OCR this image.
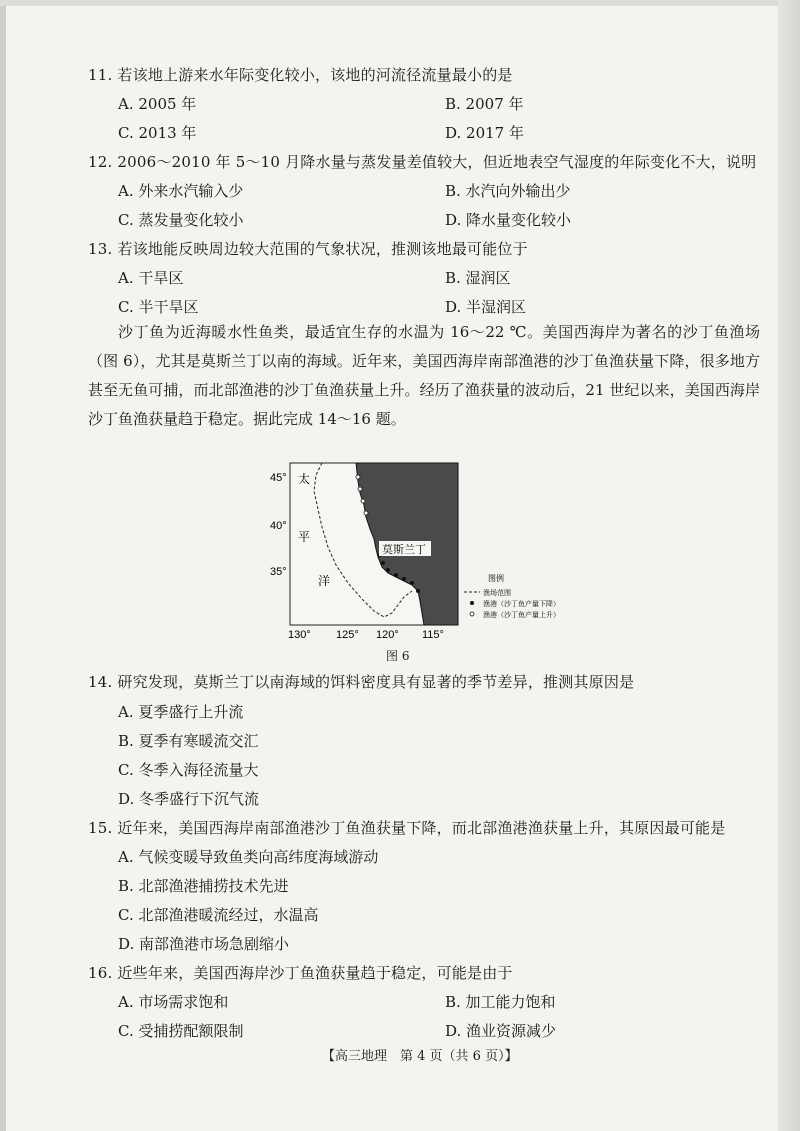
11. 若该地上游来水年际变化较小，该地的河流径流量最小的是
A. 2005 年	B. 2007 年
C. 2013 年	D. 2017 年
12. 2006～2010 年 5～10 月降水量与蒸发量差值较大，但近地表空气湿度的年际变化不大，说明
A. 外来水汽输入少	B. 水汽向外输出少
C. 蒸发量变化较小	D. 降水量变化较小
13. 若该地能反映周边较大范围的气象状况，推测该地最可能位于
A. 干旱区	B. 湿润区
C. 半干旱区	D. 半湿润区

沙丁鱼为近海暖水性鱼类，最适宜生存的水温为 16～22 ℃。美国西海岸为著名的沙丁鱼渔场（图 6），尤其是莫斯兰丁以南的海域。近年来，美国西海岸南部渔港的沙丁鱼渔获量下降，很多地方甚至无鱼可捕，而北部渔港的沙丁鱼渔获量上升。经历了渔获量的波动后，21 世纪以来，美国西海岸沙丁鱼渔获量趋于稳定。据此完成 14～16 题。

莫斯兰丁
太
平
洋
45°
40°
35°
130° 125° 120° 115°
图例
渔场范围
渔港（沙丁鱼产量下降）
渔港（沙丁鱼产量上升）
图 6
14. 研究发现，莫斯兰丁以南海域的饵料密度具有显著的季节差异，推测其原因是
A. 夏季盛行上升流
B. 夏季有寒暖流交汇
C. 冬季入海径流量大
D. 冬季盛行下沉气流
15. 近年来，美国西海岸南部渔港沙丁鱼渔获量下降，而北部渔港渔获量上升，其原因最可能是
A. 气候变暖导致鱼类向高纬度海域游动
B. 北部渔港捕捞技术先进
C. 北部渔港暖流经过，水温高
D. 南部渔港市场急剧缩小
16. 近些年来，美国西海岸沙丁鱼渔获量趋于稳定，可能是由于
A. 市场需求饱和	B. 加工能力饱和
C. 受捕捞配额限制	D. 渔业资源减少
【高三地理　第 4 页（共 6 页）】
